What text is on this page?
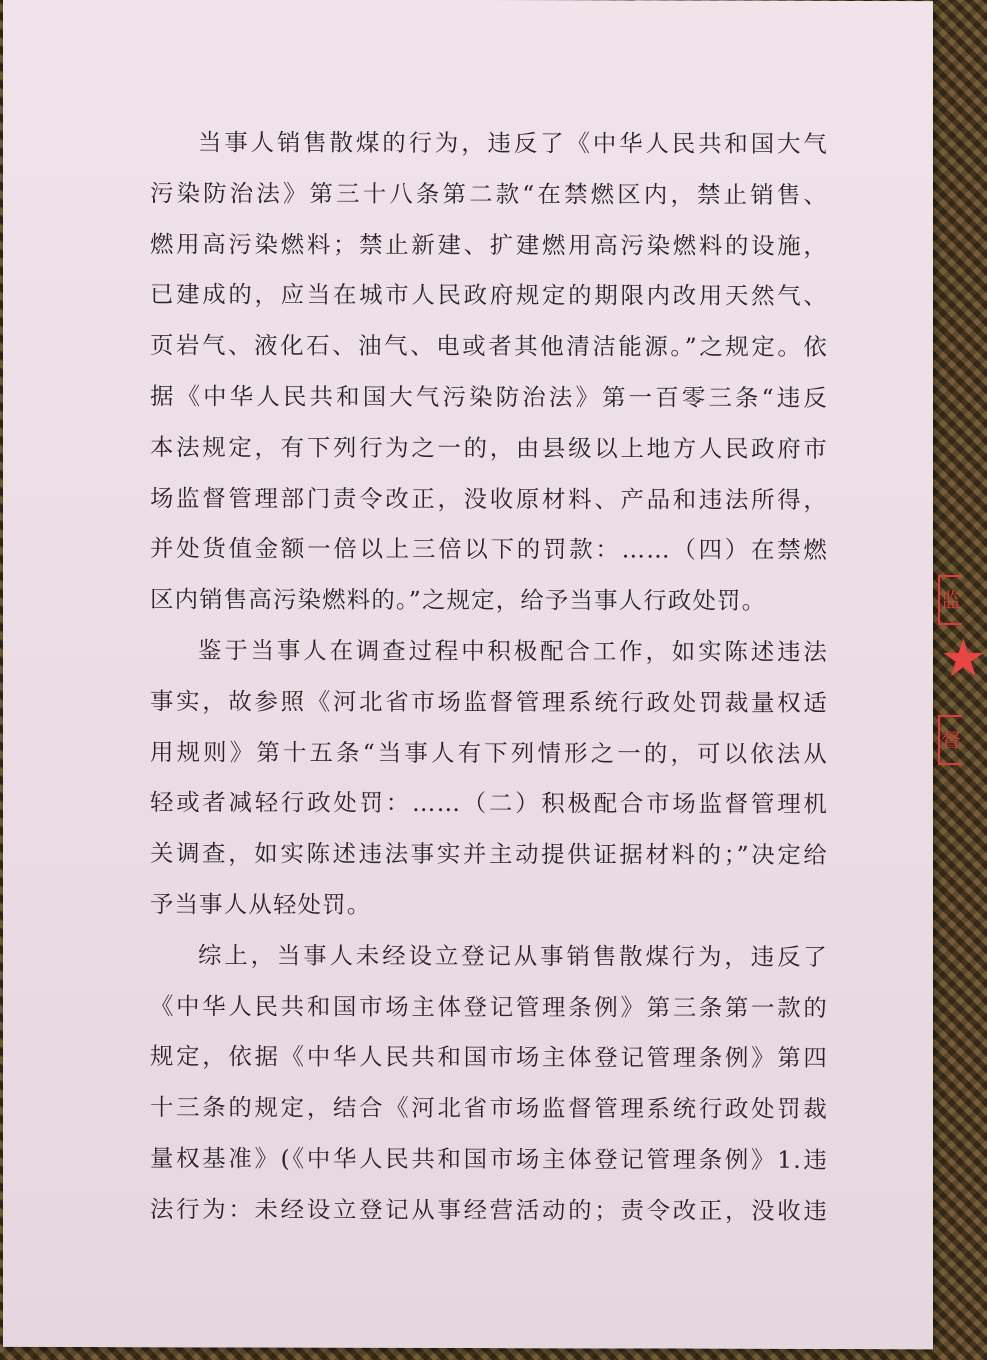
当事人销售散煤的行为，违反了《中华人民共和国大气
污染防治法》第三十八条第二款“在禁燃区内，禁止销售、
燃用高污染燃料；禁止新建、扩建燃用高污染燃料的设施，
已建成的，应当在城市人民政府规定的期限内改用天然气、
页岩气、液化石、油气、电或者其他清洁能源。”之规定。依
据《中华人民共和国大气污染防治法》第一百零三条“违反
本法规定，有下列行为之一的，由县级以上地方人民政府市
场监督管理部门责令改正，没收原材料、产品和违法所得，
并处货值金额一倍以上三倍以下的罚款：……（四）在禁燃
区内销售高污染燃料的。”之规定，给予当事人行政处罚。

鉴于当事人在调查过程中积极配合工作，如实陈述违法
事实，故参照《河北省市场监督管理系统行政处罚裁量权适
用规则》第十五条“当事人有下列情形之一的，可以依法从
轻或者减轻行政处罚：……（二）积极配合市场监督管理机
关调查，如实陈述违法事实并主动提供证据材料的；”决定给
予当事人从轻处罚。

综上，当事人未经设立登记从事销售散煤行为，违反了
《中华人民共和国市场主体登记管理条例》第三条第一款的
规定，依据《中华人民共和国市场主体登记管理条例》第四
十三条的规定，结合《河北省市场监督管理系统行政处罚裁
量权基准》(《中华人民共和国市场主体登记管理条例》1.违
法行为：未经设立登记从事经营活动的；责令改正，没收违

监
★
督
